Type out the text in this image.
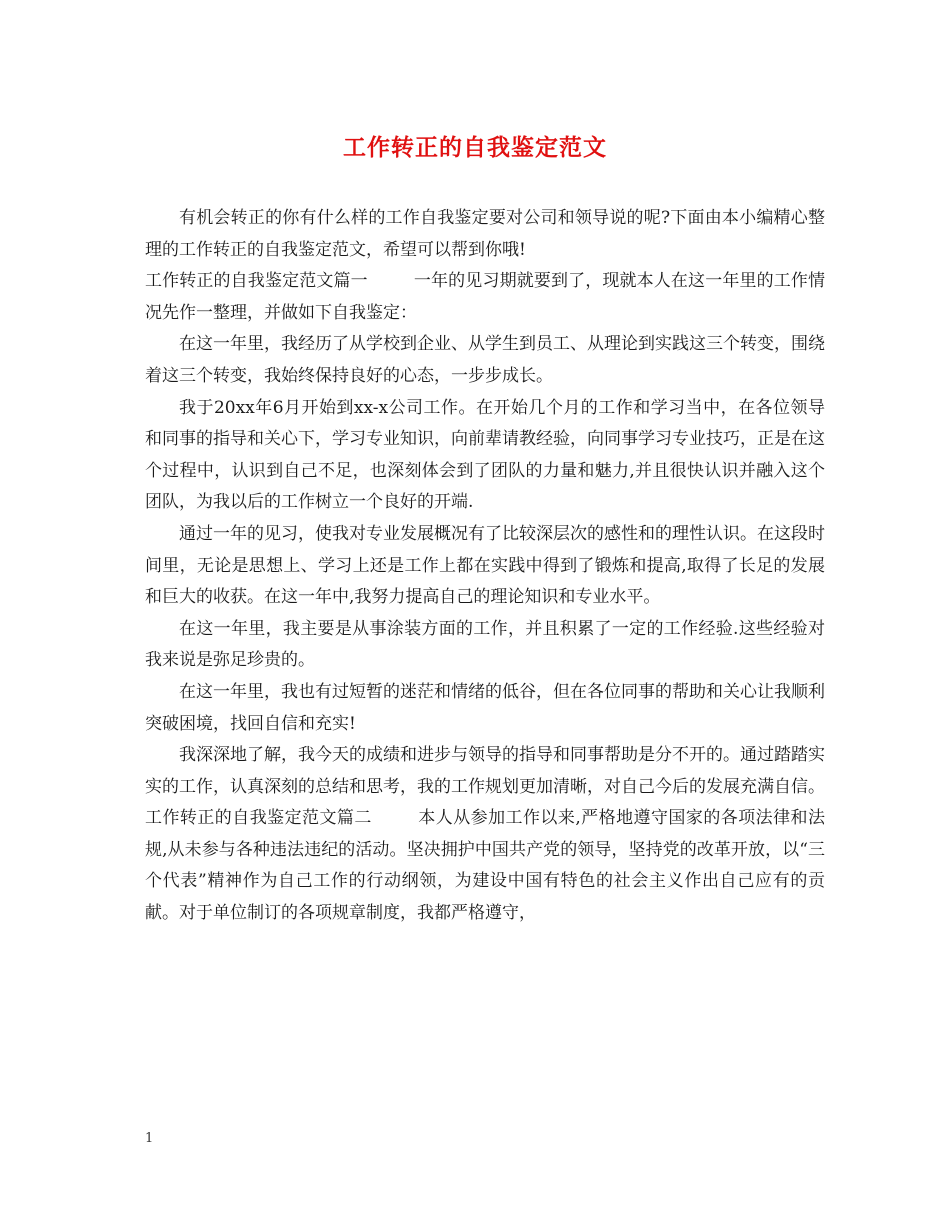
工作转正的自我鉴定范文

有机会转正的你有什么样的工作自我鉴定要对公司和领导说的呢?下面由本小编精心整理的工作转正的自我鉴定范文，希望可以帮到你哦!

工作转正的自我鉴定范文篇一	一年的见习期就要到了，现就本人在这一年里的工作情况先作一整理，并做如下自我鉴定：

在这一年里，我经历了从学校到企业、从学生到员工、从理论到实践这三个转变，围绕着这三个转变，我始终保持良好的心态，一步步成长。

我于20xx年6月开始到xx-x公司工作。在开始几个月的工作和学习当中，在各位领导和同事的指导和关心下，学习专业知识，向前辈请教经验，向同事学习专业技巧，正是在这个过程中，认识到自己不足，也深刻体会到了团队的力量和魅力,并且很快认识并融入这个团队，为我以后的工作树立一个良好的开端.

通过一年的见习，使我对专业发展概况有了比较深层次的感性和的理性认识。在这段时间里，无论是思想上、学习上还是工作上都在实践中得到了锻炼和提高,取得了长足的发展和巨大的收获。在这一年中,我努力提高自己的理论知识和专业水平。

在这一年里，我主要是从事涂装方面的工作，并且积累了一定的工作经验.这些经验对我来说是弥足珍贵的。

在这一年里，我也有过短暂的迷茫和情绪的低谷，但在各位同事的帮助和关心让我顺利突破困境，找回自信和充实!

我深深地了解，我今天的成绩和进步与领导的指导和同事帮助是分不开的。通过踏踏实实的工作，认真深刻的总结和思考，我的工作规划更加清晰，对自己今后的发展充满自信。

工作转正的自我鉴定范文篇二	本人从参加工作以来,严格地遵守国家的各项法律和法规,从未参与各种违法违纪的活动。坚决拥护中国共产党的领导，坚持党的改革开放，以“三个代表”精神作为自己工作的行动纲领，为建设中国有特色的社会主义作出自己应有的贡献。对于单位制订的各项规章制度，我都严格遵守，

1
